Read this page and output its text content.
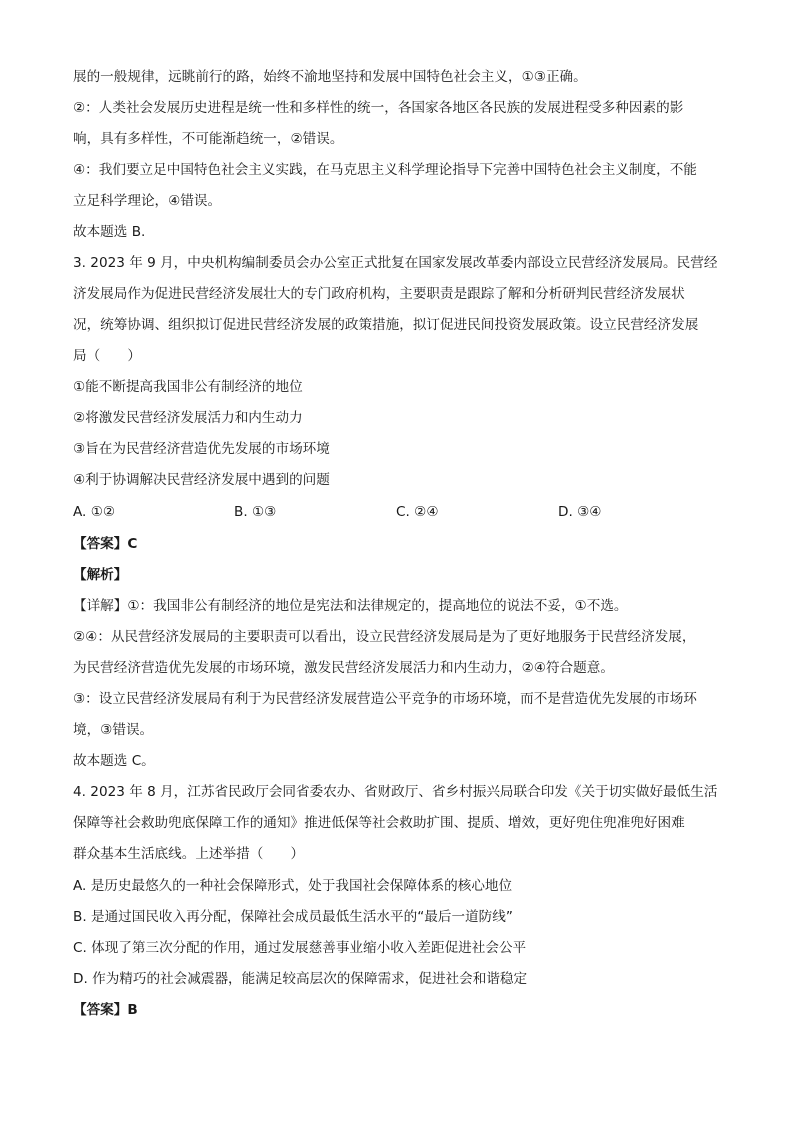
展的一般规律，远眺前行的路，始终不渝地坚持和发展中国特色社会主义，①③正确。
②：人类社会发展历史进程是统一性和多样性的统一，各国家各地区各民族的发展进程受多种因素的影
响，具有多样性，不可能渐趋统一，②错误。
④：我们要立足中国特色社会主义实践，在马克思主义科学理论指导下完善中国特色社会主义制度，不能
立足科学理论，④错误。
故本题选 B.
3. 2023 年 9 月，中央机构编制委员会办公室正式批复在国家发展改革委内部设立民营经济发展局。民营经
济发展局作为促进民营经济发展壮大的专门政府机构，主要职责是跟踪了解和分析研判民营经济发展状
况，统筹协调、组织拟订促进民营经济发展的政策措施，拟订促进民间投资发展政策。设立民营经济发展
局（　　）
①能不断提高我国非公有制经济的地位
②将激发民营经济发展活力和内生动力
③旨在为民营经济营造优先发展的市场环境
④利于协调解决民营经济发展中遇到的问题
A. ①②	B. ①③	C. ②④	D. ③④
【答案】C
【解析】
【详解】①：我国非公有制经济的地位是宪法和法律规定的，提高地位的说法不妥，①不选。
②④：从民营经济发展局的主要职责可以看出，设立民营经济发展局是为了更好地服务于民营经济发展，
为民营经济营造优先发展的市场环境，激发民营经济发展活力和内生动力，②④符合题意。
③：设立民营经济发展局有利于为民营经济发展营造公平竞争的市场环境，而不是营造优先发展的市场环
境，③错误。
故本题选 C。
4. 2023 年 8 月，江苏省民政厅会同省委农办、省财政厅、省乡村振兴局联合印发《关于切实做好最低生活
保障等社会救助兜底保障工作的通知》推进低保等社会救助扩围、提质、增效，更好兜住兜准兜好困难
群众基本生活底线。上述举措（　　）
A. 是历史最悠久的一种社会保障形式，处于我国社会保障体系的核心地位
B. 是通过国民收入再分配，保障社会成员最低生活水平的“最后一道防线”
C. 体现了第三次分配的作用，通过发展慈善事业缩小收入差距促进社会公平
D. 作为精巧的社会减震器，能满足较高层次的保障需求，促进社会和谐稳定
【答案】B
